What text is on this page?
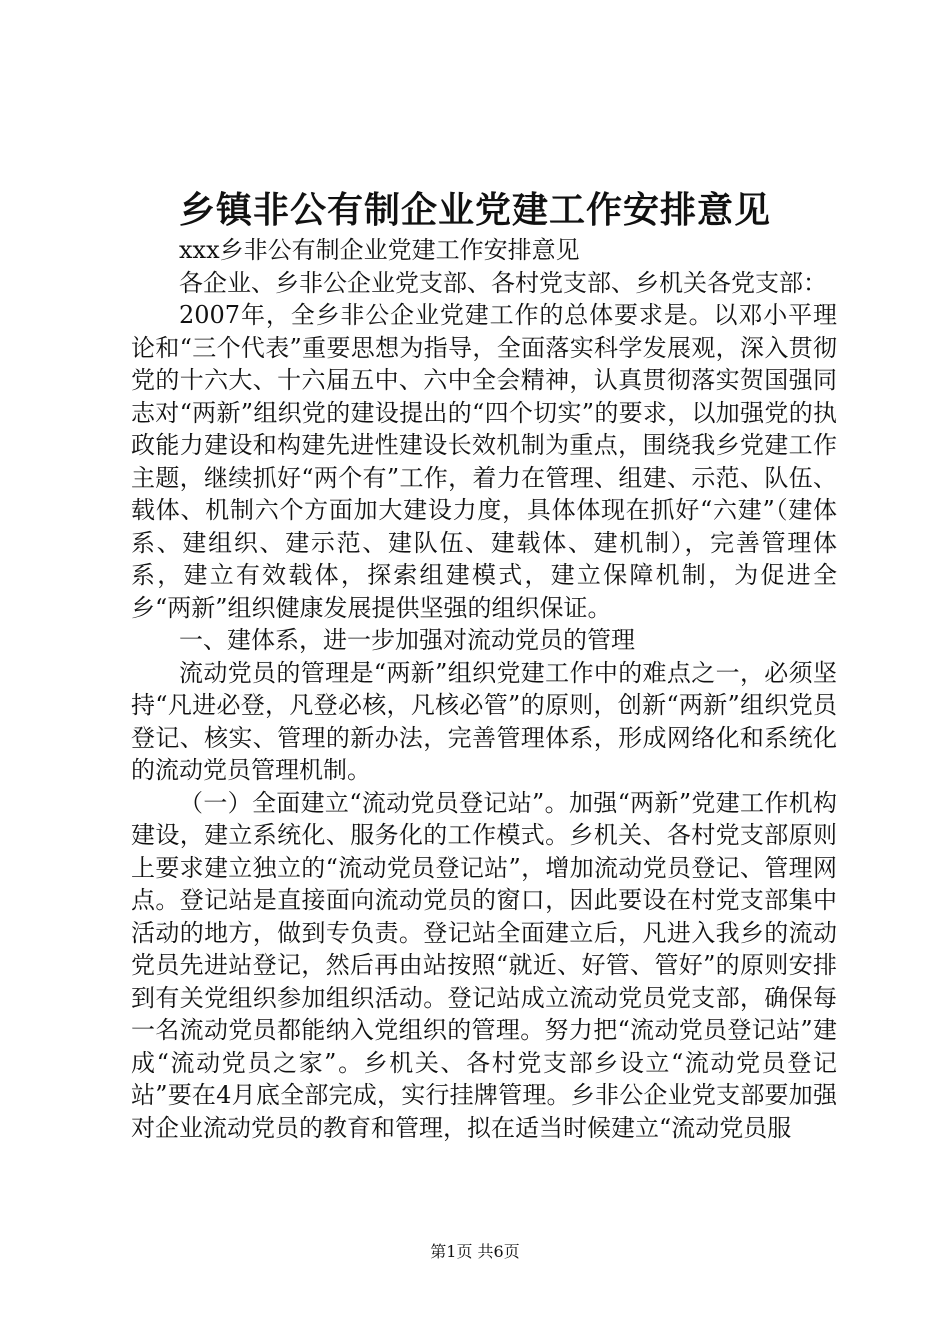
乡镇非公有制企业党建工作安排意见

xxx乡非公有制企业党建工作安排意见

各企业、乡非公企业党支部、各村党支部、乡机关各党支部：

2007年，全乡非公企业党建工作的总体要求是。以邓小平理论和“三个代表”重要思想为指导，全面落实科学发展观，深入贯彻党的十六大、十六届五中、六中全会精神，认真贯彻落实贺国强同志对“两新”组织党的建设提出的“四个切实”的要求，以加强党的执政能力建设和构建先进性建设长效机制为重点，围绕我乡党建工作主题，继续抓好“两个有”工作，着力在管理、组建、示范、队伍、载体、机制六个方面加大建设力度，具体体现在抓好“六建”（建体系、建组织、建示范、建队伍、建载体、建机制），完善管理体系，建立有效载体，探索组建模式，建立保障机制，为促进全乡“两新”组织健康发展提供坚强的组织保证。

一、建体系，进一步加强对流动党员的管理

流动党员的管理是“两新”组织党建工作中的难点之一，必须坚持“凡进必登，凡登必核，凡核必管”的原则，创新“两新”组织党员登记、核实、管理的新办法，完善管理体系，形成网络化和系统化的流动党员管理机制。

（一）全面建立“流动党员登记站”。加强“两新”党建工作机构建设，建立系统化、服务化的工作模式。乡机关、各村党支部原则上要求建立独立的“流动党员登记站”，增加流动党员登记、管理网点。登记站是直接面向流动党员的窗口，因此要设在村党支部集中活动的地方，做到专负责。登记站全面建立后，凡进入我乡的流动党员先进站登记，然后再由站按照“就近、好管、管好”的原则安排到有关党组织参加组织活动。登记站成立流动党员党支部，确保每一名流动党员都能纳入党组织的管理。努力把“流动党员登记站”建成“流动党员之家”。乡机关、各村党支部乡设立“流动党员登记站”要在4月底全部完成，实行挂牌管理。乡非公企业党支部要加强对企业流动党员的教育和管理，拟在适当时候建立“流动党员服

第1页 共6页
